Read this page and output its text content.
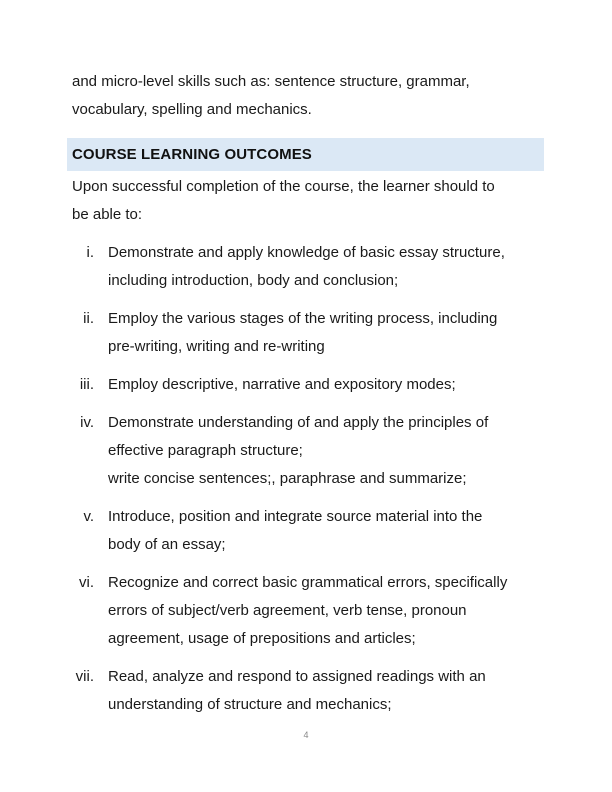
and micro-level skills such as: sentence structure, grammar,
vocabulary, spelling and mechanics.

COURSE LEARNING OUTCOMES

Upon successful completion of the course, the learner should to
be able to:

i. Demonstrate and apply knowledge of basic essay structure,
including introduction, body and conclusion;
ii. Employ the various stages of the writing process, including
pre-writing, writing and re-writing
iii. Employ descriptive, narrative and expository modes;
iv. Demonstrate understanding of and apply the principles of
effective paragraph structure;
write concise sentences;, paraphrase and summarize;
v. Introduce, position and integrate source material into the
body of an essay;
vi. Recognize and correct basic grammatical errors, specifically
errors of subject/verb agreement, verb tense, pronoun
agreement, usage of prepositions and articles;
vii. Read, analyze and respond to assigned readings with an
understanding of structure and mechanics;
4
